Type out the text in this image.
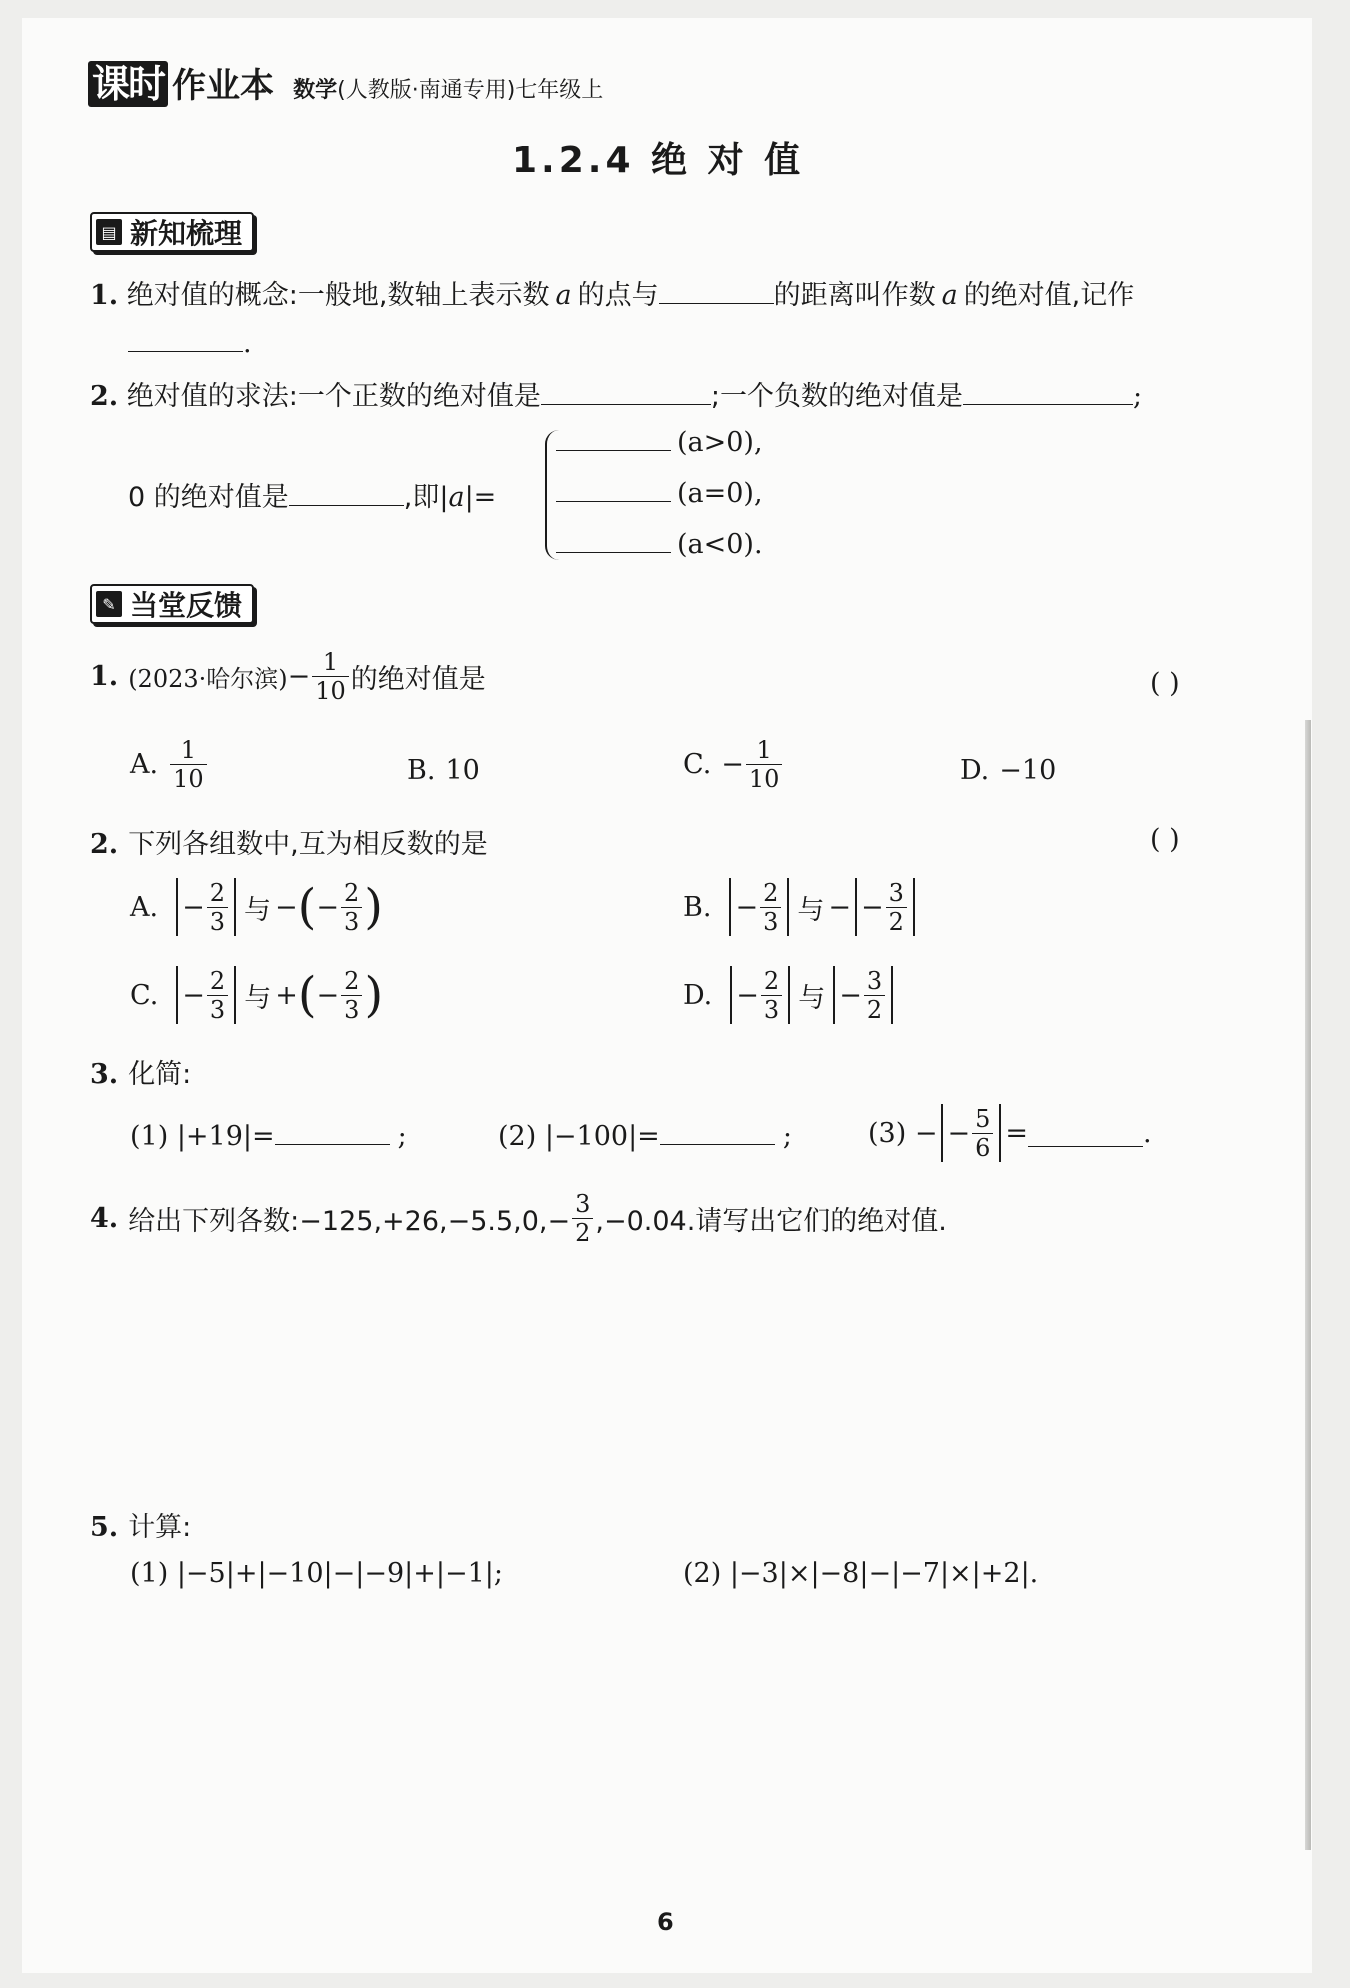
课时 作业本 数学(人教版·南通专用)七年级上
1.2.4 绝 对 值
▤ 新知梳理
1. 绝对值的概念:一般地,数轴上表示数 a 的点与	的距离叫作数 a 的绝对值,记作
.
2. 绝对值的求法:一个正数的绝对值是	;一个负数的绝对值是	;
0 的绝对值是	,即|a|=
(a>0),
(a=0),
(a<0).
✎ 当堂反馈
1. (2023·哈尔滨) − $\frac{1}{10}$ 的绝对值是	( )
A. $\frac{1}{10}$	B. 10	C. − $\frac{1}{10}$	D. −10
2. 下列各组数中,互为相反数的是	( )
A. − $\frac{2}{3}$ 与 − ( − $\frac{2}{3}$ )	B. − $\frac{2}{3}$ 与 − − $\frac{3}{2}$
C. − $\frac{2}{3}$ 与 + ( − $\frac{2}{3}$ )	D. − $\frac{2}{3}$ 与 − $\frac{3}{2}$
3. 化简:
(1) |+19|=	;	(2) |−100|=	;	(3) − − $\frac{5}{6}$ =	.
4. 给出下列各数:−125,+26,−5.5,0,− $\frac{3}{2} ,-0.04$.请写出它们的绝对值.
5. 计算:
(1) |−5|+|−10|−|−9|+|−1|;	(2) |−3|×|−8|−|−7|×|+2|.
6
